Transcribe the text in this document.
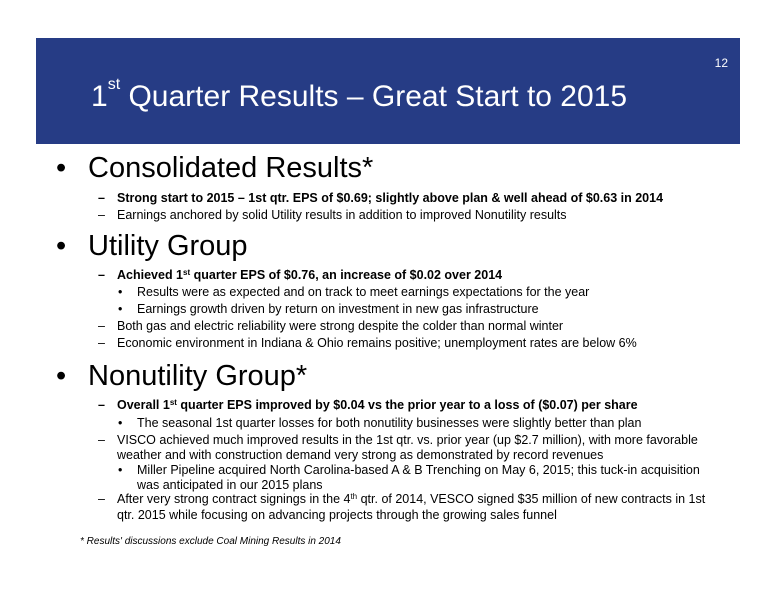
12
1st Quarter Results – Great Start to 2015
• Consolidated Results*
– Strong start to 2015 – 1st qtr. EPS of $0.69; slightly above plan & well ahead of $0.63 in 2014
– Earnings anchored by solid Utility results in addition to improved Nonutility results
• Utility Group
– Achieved 1st quarter EPS of $0.76, an increase of $0.02 over 2014
• Results were as expected and on track to meet earnings expectations for the year
• Earnings growth driven by return on investment in new gas infrastructure
– Both gas and electric reliability were strong despite the colder than normal winter
– Economic environment in Indiana & Ohio remains positive; unemployment rates are below 6%
• Nonutility Group*
– Overall 1st quarter EPS improved by $0.04 vs the prior year to a loss of ($0.07) per share
• The seasonal 1st quarter losses for both nonutility businesses were slightly better than plan
– VISCO achieved much improved results in the 1st qtr. vs. prior year (up $2.7 million), with more favorable weather and with construction demand very strong as demonstrated by record revenues
• Miller Pipeline acquired North Carolina-based A & B Trenching on May 6, 2015; this tuck-in acquisition was anticipated in our 2015 plans
– After very strong contract signings in the 4th qtr. of 2014, VESCO signed $35 million of new contracts in 1st qtr. 2015 while focusing on advancing projects through the growing sales funnel
* Results' discussions exclude Coal Mining Results in 2014
